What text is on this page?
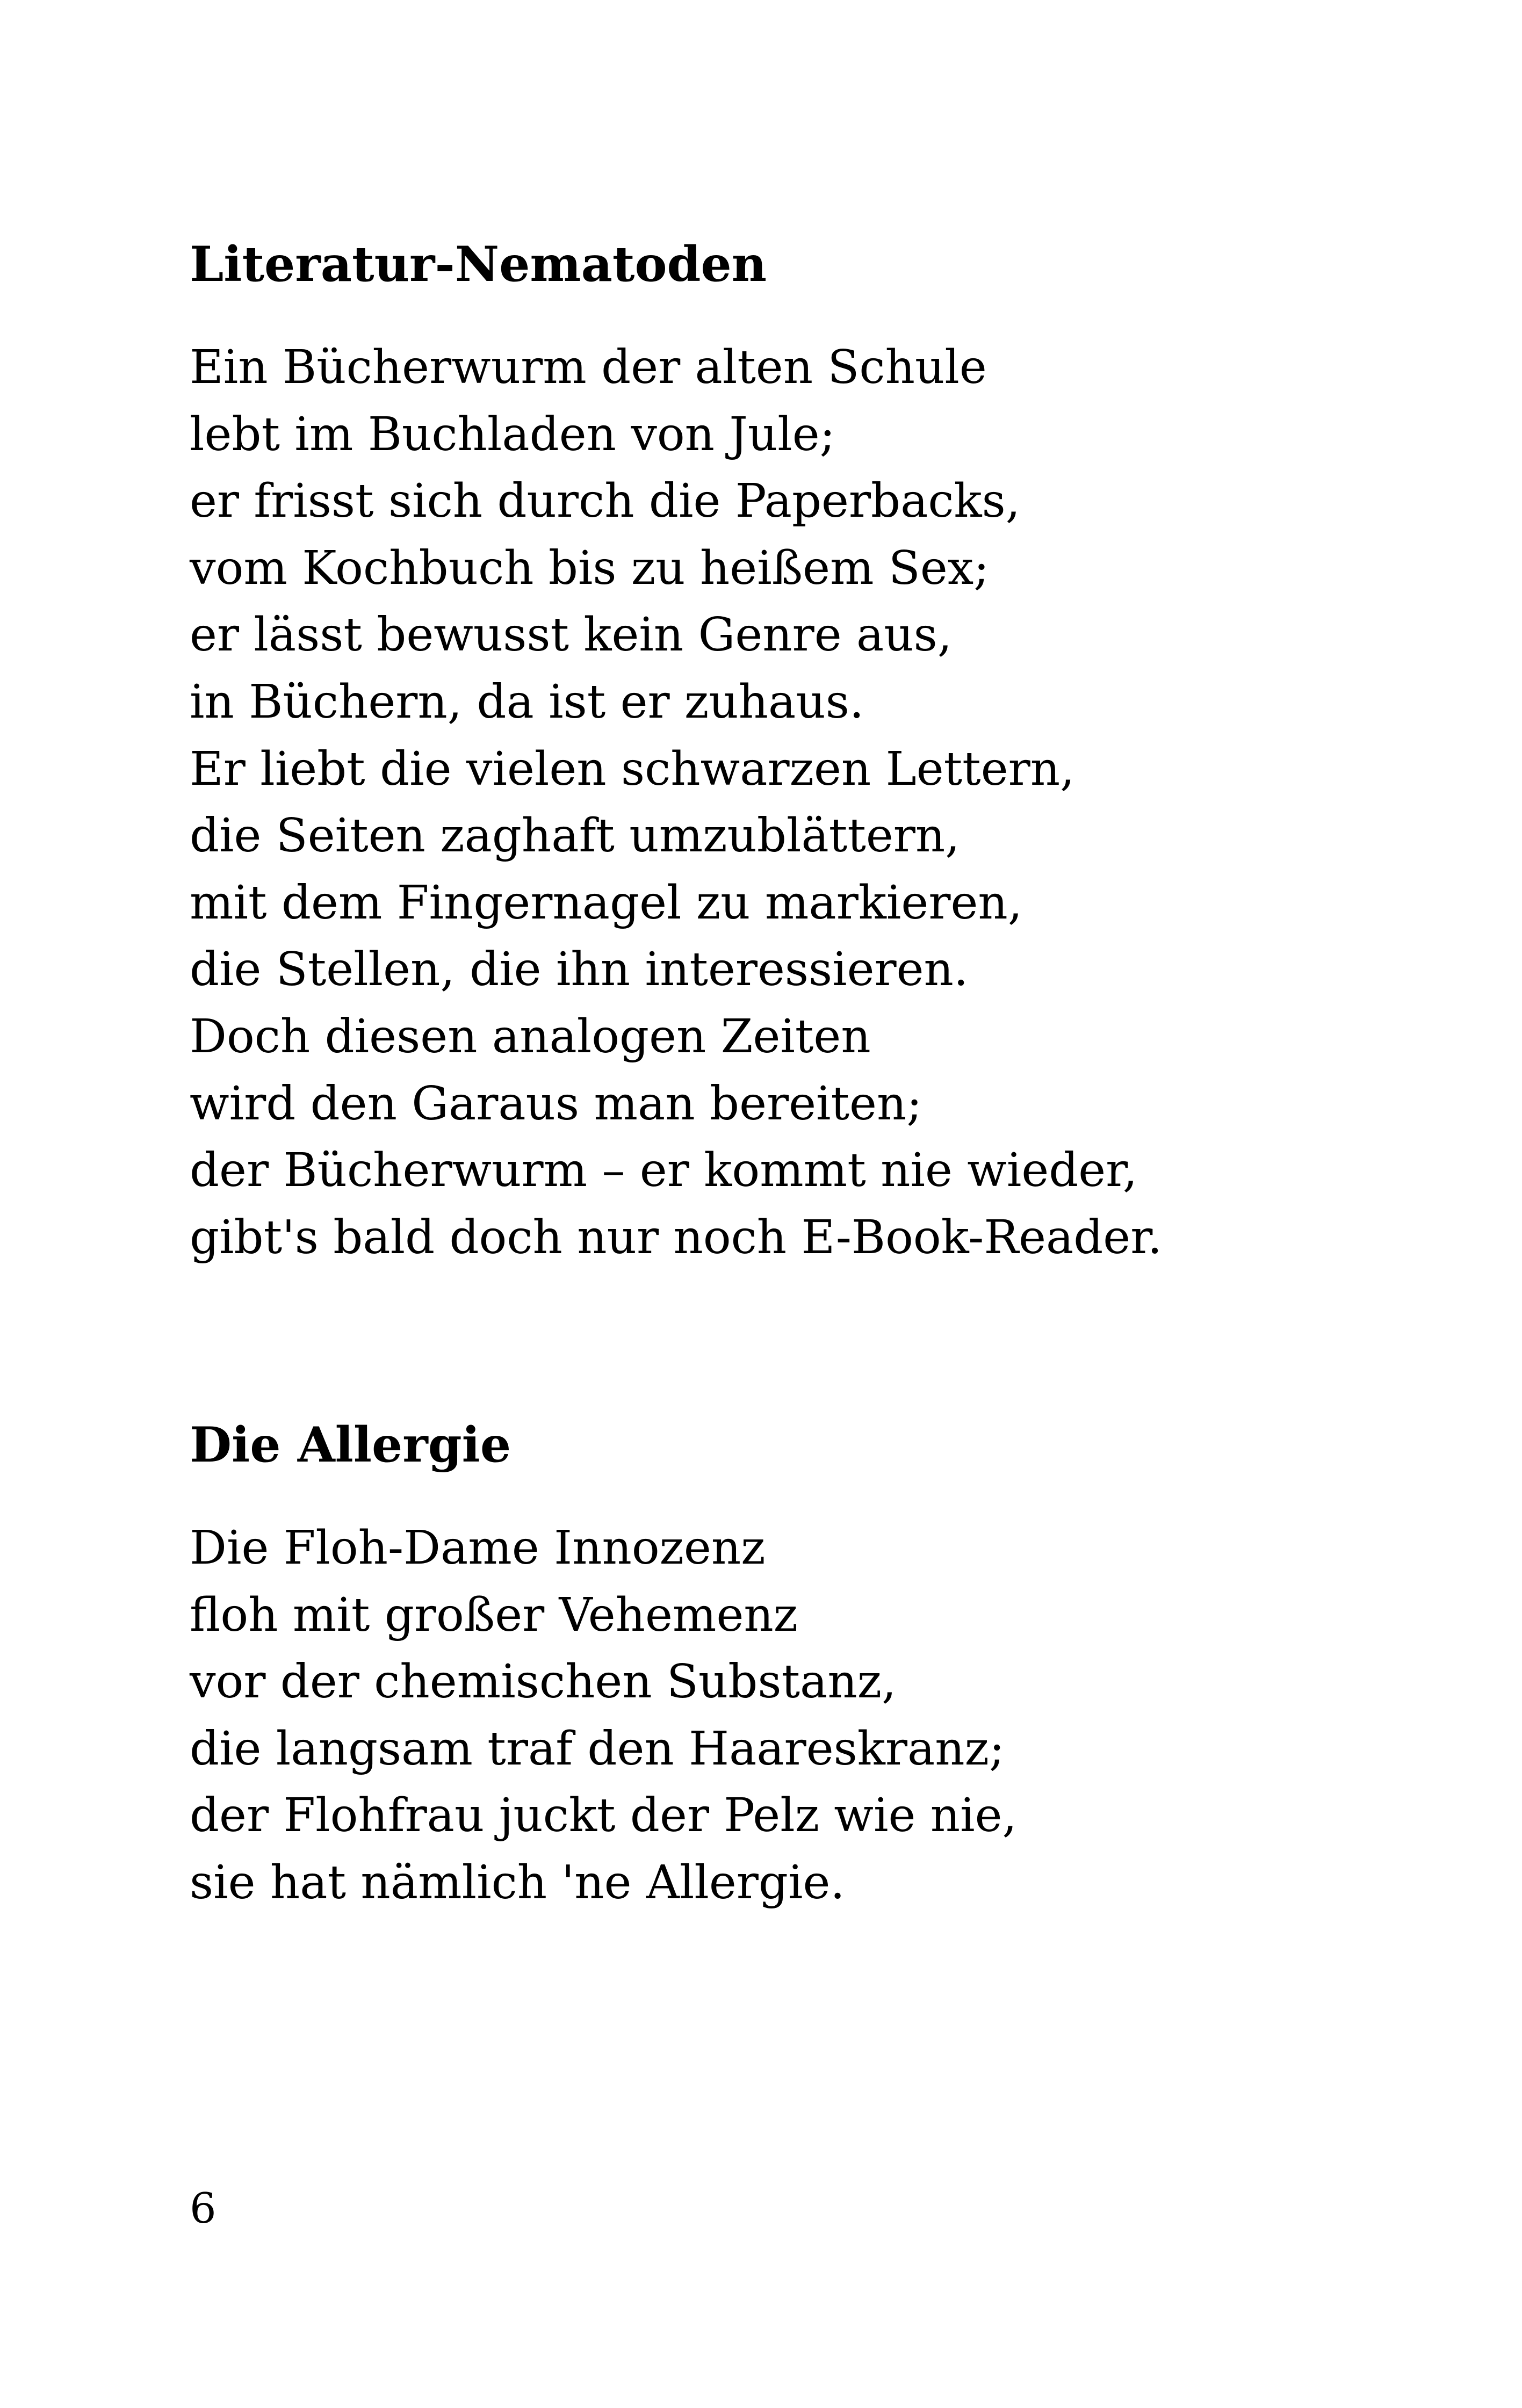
Literatur-Nematoden
Ein Bücherwurm der alten Schule
lebt im Buchladen von Jule;
er frisst sich durch die Paperbacks,
vom Kochbuch bis zu heißem Sex;
er lässt bewusst kein Genre aus,
in Büchern, da ist er zuhaus.
Er liebt die vielen schwarzen Lettern,
die Seiten zaghaft umzublättern,
mit dem Fingernagel zu markieren,
die Stellen, die ihn interessieren.
Doch diesen analogen Zeiten
wird den Garaus man bereiten;
der Bücherwurm – er kommt nie wieder,
gibt's bald doch nur noch E-Book-Reader.
Die Allergie
Die Floh-Dame Innozenz
floh mit großer Vehemenz
vor der chemischen Substanz,
die langsam traf den Haareskranz;
der Flohfrau juckt der Pelz wie nie,
sie hat nämlich 'ne Allergie.
6
